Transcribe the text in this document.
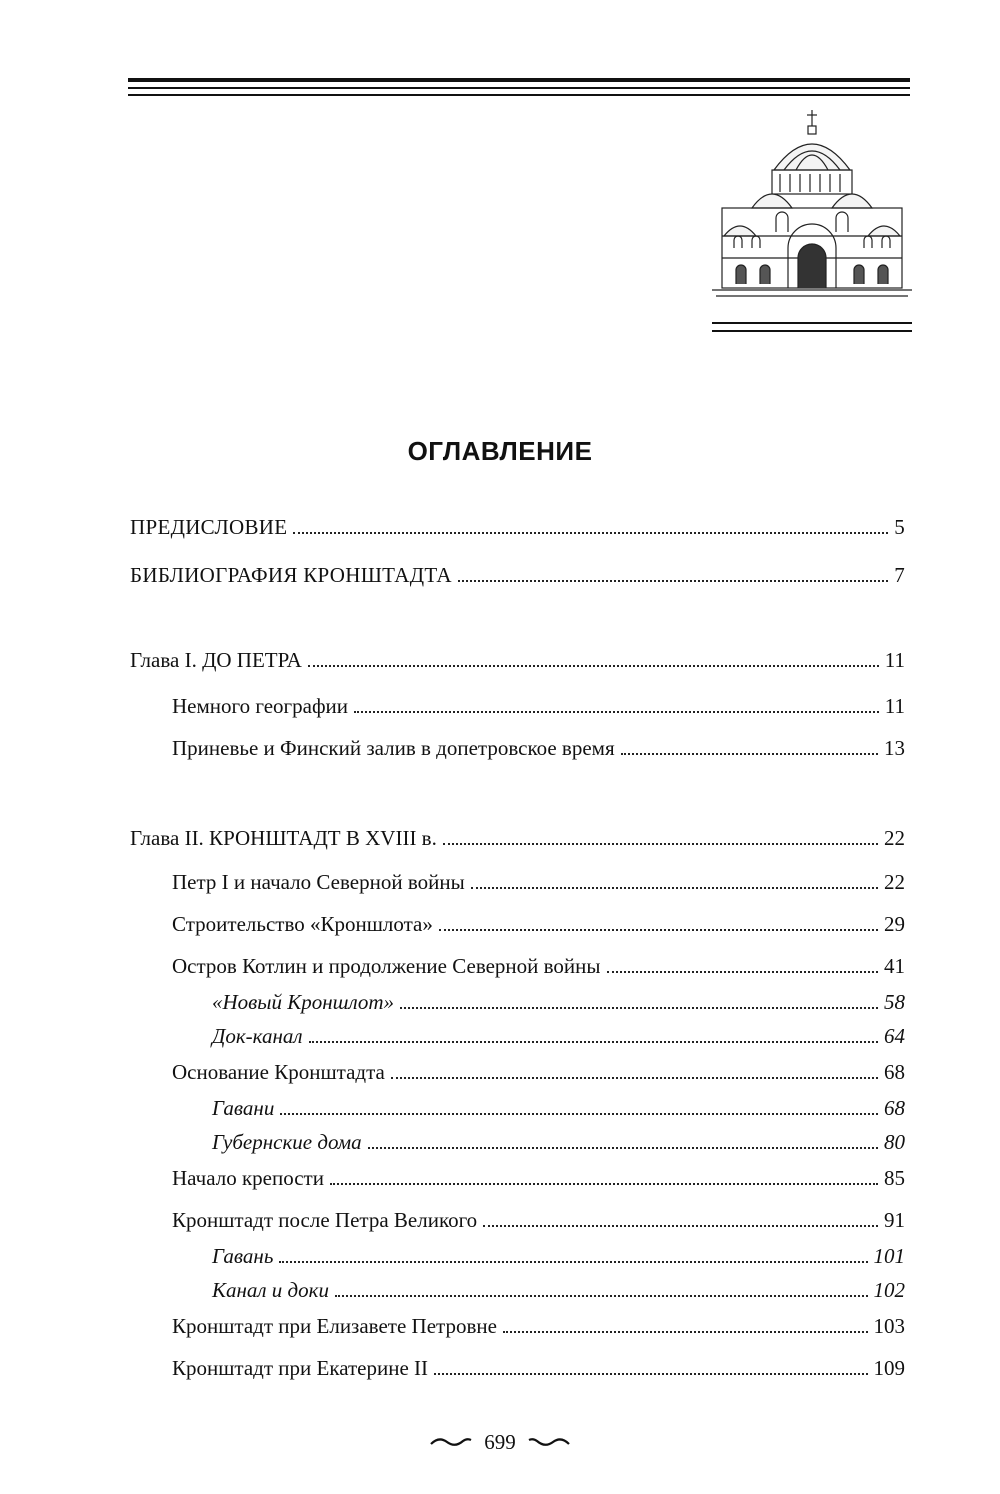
ОГЛАВЛЕНИЕ
ПРЕДИСЛОВИЕ	5
БИБЛИОГРАФИЯ КРОНШТАДТА	7
Глава I. ДО ПЕТРА	11
Немного географии	11
Приневье и Финский залив в допетровское время	13
Глава II. КРОНШТАДТ В XVIII в.	22
Петр I и начало Северной войны	22
Строительство «Кроншлота»	29
Остров Котлин и продолжение Северной войны	41
«Новый Кроншлот»	58
Док-канал	64
Основание Кронштадта	68
Гавани	68
Губернские дома	80
Начало крепости	85
Кронштадт после Петра Великого	91
Гавань	101
Канал и доки	102
Кронштадт при Елизавете Петровне	103
Кронштадт при Екатерине II	109
699
